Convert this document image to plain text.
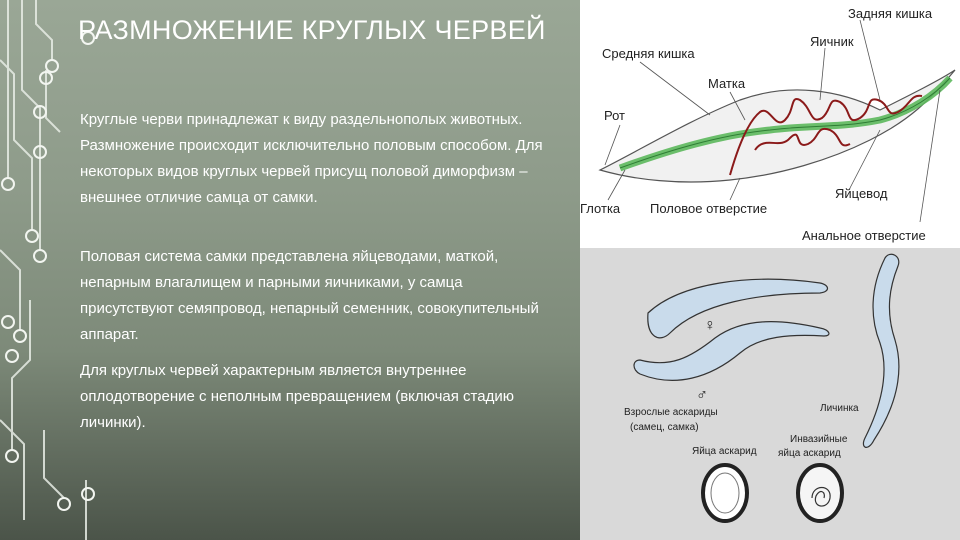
РАЗМНОЖЕНИЕ КРУГЛЫХ ЧЕРВЕЙ

Круглые черви принадлежат к виду раздельнополых животных. Размножение происходит исключительно половым способом. Для некоторых видов круглых червей присущ половой диморфизм – внешнее отличие самца от самки.

Половая система самки представлена яйцеводами, маткой, непарным влагалищем и парными яичниками, у самца присутствуют семяпровод, непарный семенник, совокупительный аппарат.

Для круглых червей характерным является внутреннее оплодотворение с неполным превращением (включая стадию личинки).

Задняя кишка
Яичник
Средняя кишка
Матка
Рот
Яйцевод
Глотка Половое отверстие
Анальное отверстие
♀
♂
Взрослые аскариды
(самец, самка)
Личинка
Яйца аскарид
Инвазийные
яйца аскарид
